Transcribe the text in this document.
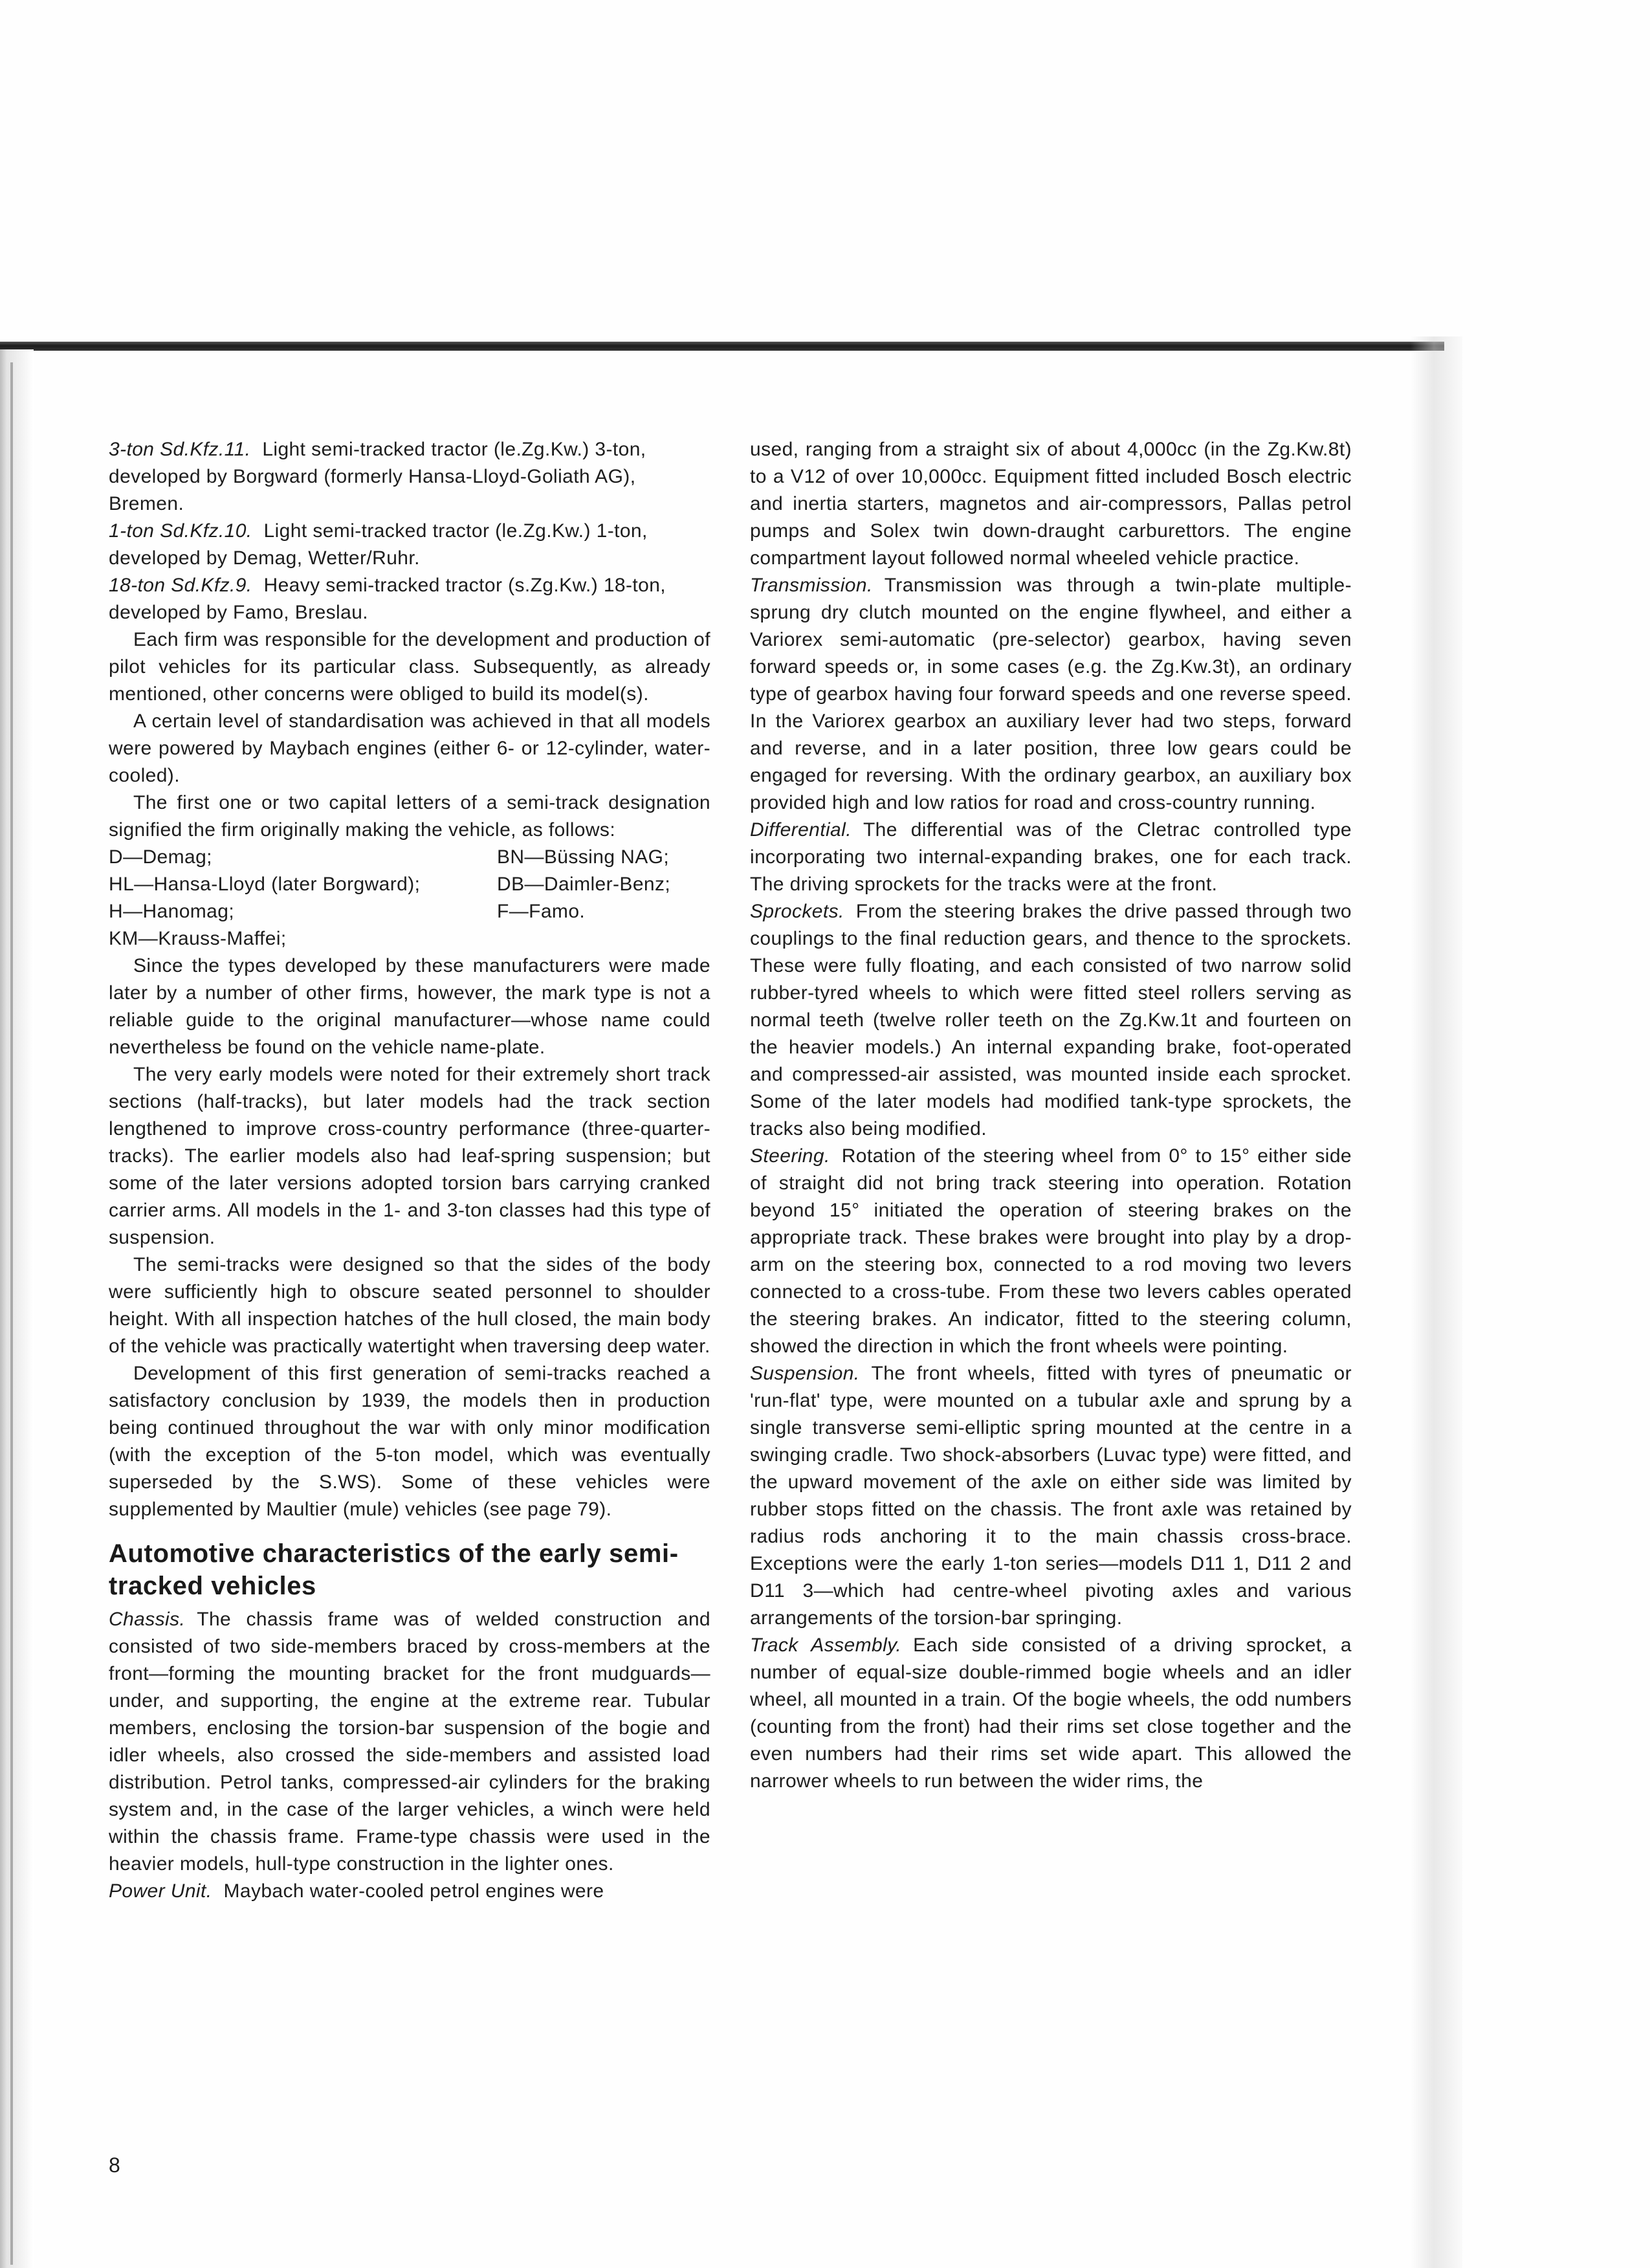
3-ton Sd.Kfz.11. Light semi-tracked tractor (le.Zg.Kw.) 3-ton, developed by Borgward (formerly Hansa-Lloyd-Goliath AG), Bremen.

1-ton Sd.Kfz.10. Light semi-tracked tractor (le.Zg.Kw.) 1-ton, developed by Demag, Wetter/Ruhr.

18-ton Sd.Kfz.9. Heavy semi-tracked tractor (s.Zg.Kw.) 18-ton, developed by Famo, Breslau.

Each firm was responsible for the development and production of pilot vehicles for its particular class. Subsequently, as already mentioned, other concerns were obliged to build its model(s).

A certain level of standardisation was achieved in that all models were powered by Maybach engines (either 6- or 12-cylinder, water-cooled).

The first one or two capital letters of a semi-track designation signified the firm originally making the vehicle, as follows:

D—Demag;	BN—Büssing NAG;
HL—Hansa-Lloyd (later Borgward);	DB—Daimler-Benz;
H—Hanomag;	F—Famo.
KM—Krauss-Maffei;	

Since the types developed by these manufacturers were made later by a number of other firms, however, the mark type is not a reliable guide to the original manufacturer—whose name could nevertheless be found on the vehicle name-plate.

The very early models were noted for their extremely short track sections (half-tracks), but later models had the track section lengthened to improve cross-country performance (three-quarter-tracks). The earlier models also had leaf-spring suspension; but some of the later versions adopted torsion bars carrying cranked carrier arms. All models in the 1- and 3-ton classes had this type of suspension.

The semi-tracks were designed so that the sides of the body were sufficiently high to obscure seated personnel to shoulder height. With all inspection hatches of the hull closed, the main body of the vehicle was practically watertight when traversing deep water.

Development of this first generation of semi-tracks reached a satisfactory conclusion by 1939, the models then in production being continued throughout the war with only minor modification (with the exception of the 5-ton model, which was eventually superseded by the S.WS). Some of these vehicles were supplemented by Maultier (mule) vehicles (see page 79).

Automotive characteristics of the early semi-tracked vehicles

Chassis. The chassis frame was of welded construction and consisted of two side-members braced by cross-members at the front—forming the mounting bracket for the front mudguards—under, and supporting, the engine at the extreme rear. Tubular members, enclosing the torsion-bar suspension of the bogie and idler wheels, also crossed the side-members and assisted load distribution. Petrol tanks, compressed-air cylinders for the braking system and, in the case of the larger vehicles, a winch were held within the chassis frame. Frame-type chassis were used in the heavier models, hull-type construction in the lighter ones.

Power Unit. Maybach water-cooled petrol engines were

used, ranging from a straight six of about 4,000cc (in the Zg.Kw.8t) to a V12 of over 10,000cc. Equipment fitted included Bosch electric and inertia starters, magnetos and air-compressors, Pallas petrol pumps and Solex twin down-draught carburettors. The engine compartment layout followed normal wheeled vehicle practice.

Transmission. Transmission was through a twin-plate multiple-sprung dry clutch mounted on the engine flywheel, and either a Variorex semi-automatic (pre-selector) gearbox, having seven forward speeds or, in some cases (e.g. the Zg.Kw.3t), an ordinary type of gearbox having four forward speeds and one reverse speed. In the Variorex gearbox an auxiliary lever had two steps, forward and reverse, and in a later position, three low gears could be engaged for reversing. With the ordinary gearbox, an auxiliary box provided high and low ratios for road and cross-country running.

Differential. The differential was of the Cletrac controlled type incorporating two internal-expanding brakes, one for each track. The driving sprockets for the tracks were at the front.

Sprockets. From the steering brakes the drive passed through two couplings to the final reduction gears, and thence to the sprockets. These were fully floating, and each consisted of two narrow solid rubber-tyred wheels to which were fitted steel rollers serving as normal teeth (twelve roller teeth on the Zg.Kw.1t and fourteen on the heavier models.) An internal expanding brake, foot-operated and compressed-air assisted, was mounted inside each sprocket. Some of the later models had modified tank-type sprockets, the tracks also being modified.

Steering. Rotation of the steering wheel from 0° to 15° either side of straight did not bring track steering into operation. Rotation beyond 15° initiated the operation of steering brakes on the appropriate track. These brakes were brought into play by a drop-arm on the steering box, connected to a rod moving two levers connected to a cross-tube. From these two levers cables operated the steering brakes. An indicator, fitted to the steering column, showed the direction in which the front wheels were pointing.

Suspension. The front wheels, fitted with tyres of pneumatic or 'run-flat' type, were mounted on a tubular axle and sprung by a single transverse semi-elliptic spring mounted at the centre in a swinging cradle. Two shock-absorbers (Luvac type) were fitted, and the upward movement of the axle on either side was limited by rubber stops fitted on the chassis. The front axle was retained by radius rods anchoring it to the main chassis cross-brace. Exceptions were the early 1-ton series—models D11 1, D11 2 and D11 3—which had centre-wheel pivoting axles and various arrangements of the torsion-bar springing.

Track Assembly. Each side consisted of a driving sprocket, a number of equal-size double-rimmed bogie wheels and an idler wheel, all mounted in a train. Of the bogie wheels, the odd numbers (counting from the front) had their rims set close together and the even numbers had their rims set wide apart. This allowed the narrower wheels to run between the wider rims, the

8
